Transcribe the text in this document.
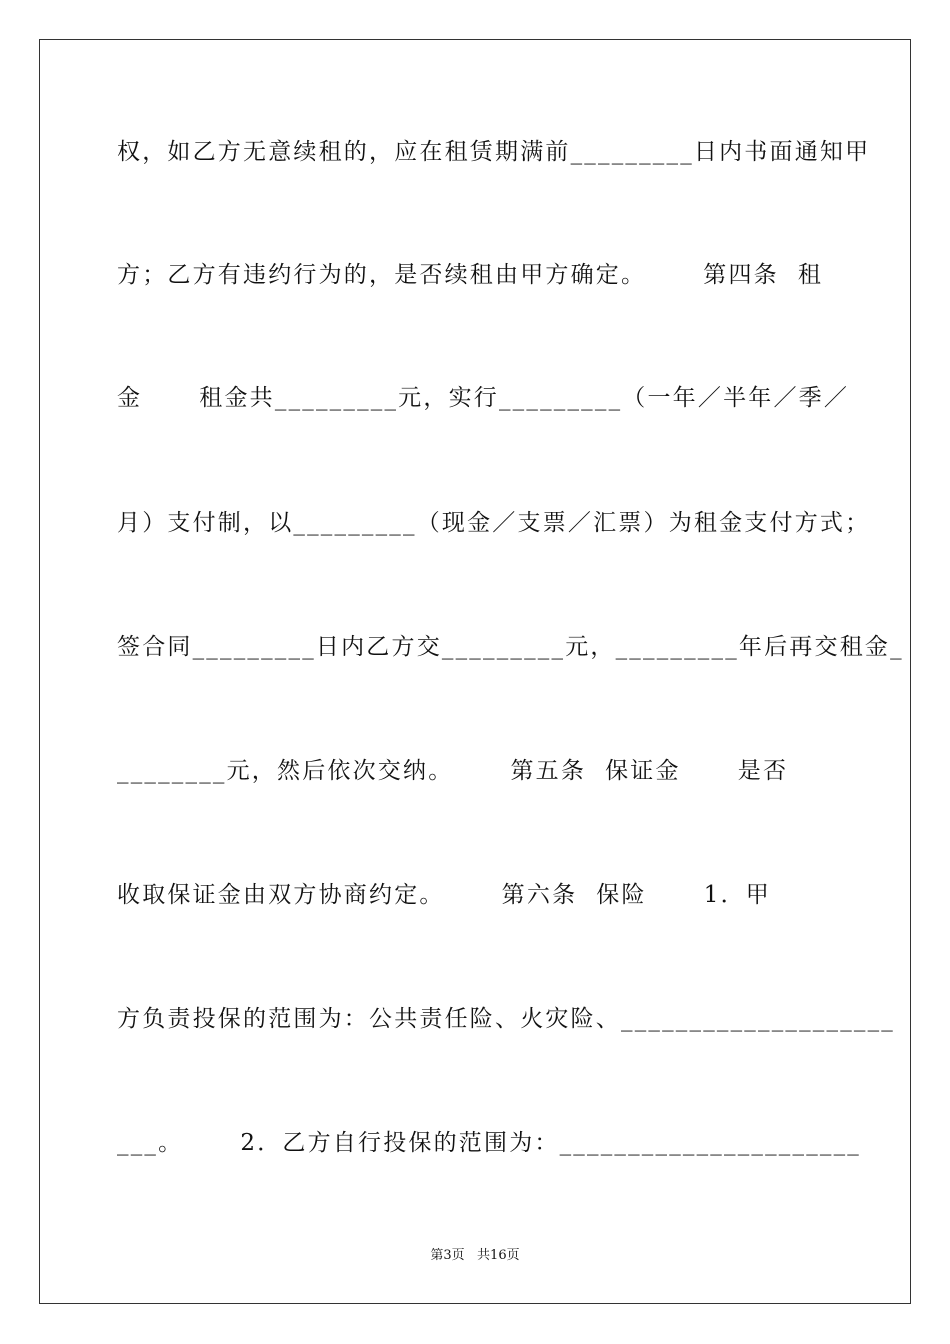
权，如乙方无意续租的，应在租赁期满前_________日内书面通知甲
方；乙方有违约行为的，是否续租由甲方确定。      第四条  租
金      租金共_________元，实行_________（一年／半年／季／
月）支付制，以_________（现金／支票／汇票）为租金支付方式；
签合同_________日内乙方交_________元，_________年后再交租金_
________元，然后依次交纳。      第五条  保证金      是否
收取保证金由双方协商约定。      第六条  保险      1．甲
方负责投保的范围为：公共责任险、火灾险、____________________
___。      2．乙方自行投保的范围为：______________________
第3页   共16页
